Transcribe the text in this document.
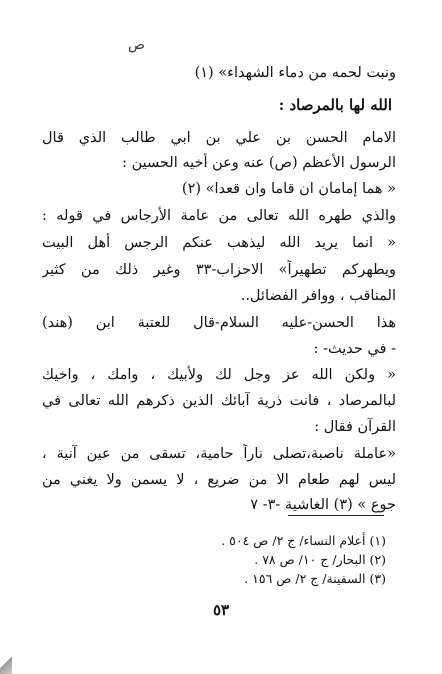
ص
ونبت لحمه من دماء الشهداء» (١)
الله لها بالمرصاد :
الامام الحسن بن علي بن ابي طالب الذي قال
الرسول الأعظم (ص) عنه وعن أخيه الحسين :
« هما إمامان ان قاما وان قعدا» (٢)
والذي طهره الله تعالى من عامة الأرجاس في قوله :
« انما يريد الله ليذهب عنكم الرجس أهل البيت
ويطهركم تطهيراً» الاحزاب-٣٣ وغير ذلك من كثير
المناقب ، ووافر الفضائل..
هذا الحسن-عليه السلام-قال للعتبة ابن (هند)
- في حديث- :
« ولكن الله عز وجل لك ولأبيك ، وامك ، واخيك
لبالمرصاد ، فانت ذرية آبائك الذين ذكرهم الله تعالى في
القرآن فقال :
«عاملة ناصبة،تصلى ناراً حامية، تسقى من عين آنية ،
ليس لهم طعام الا من ضريع ، لا يسمن ولا يغني من
جوع » (٣) الغاشية -٣- ٧
(١) أعلام النساء/ ج ٢/ ص ٥٠٤ .
(٢) البحار/ ج ١٠/ ص ٧٨ .
(٣) السفينة/ ج ٢/ ص ١٥٦ .
٥٣
